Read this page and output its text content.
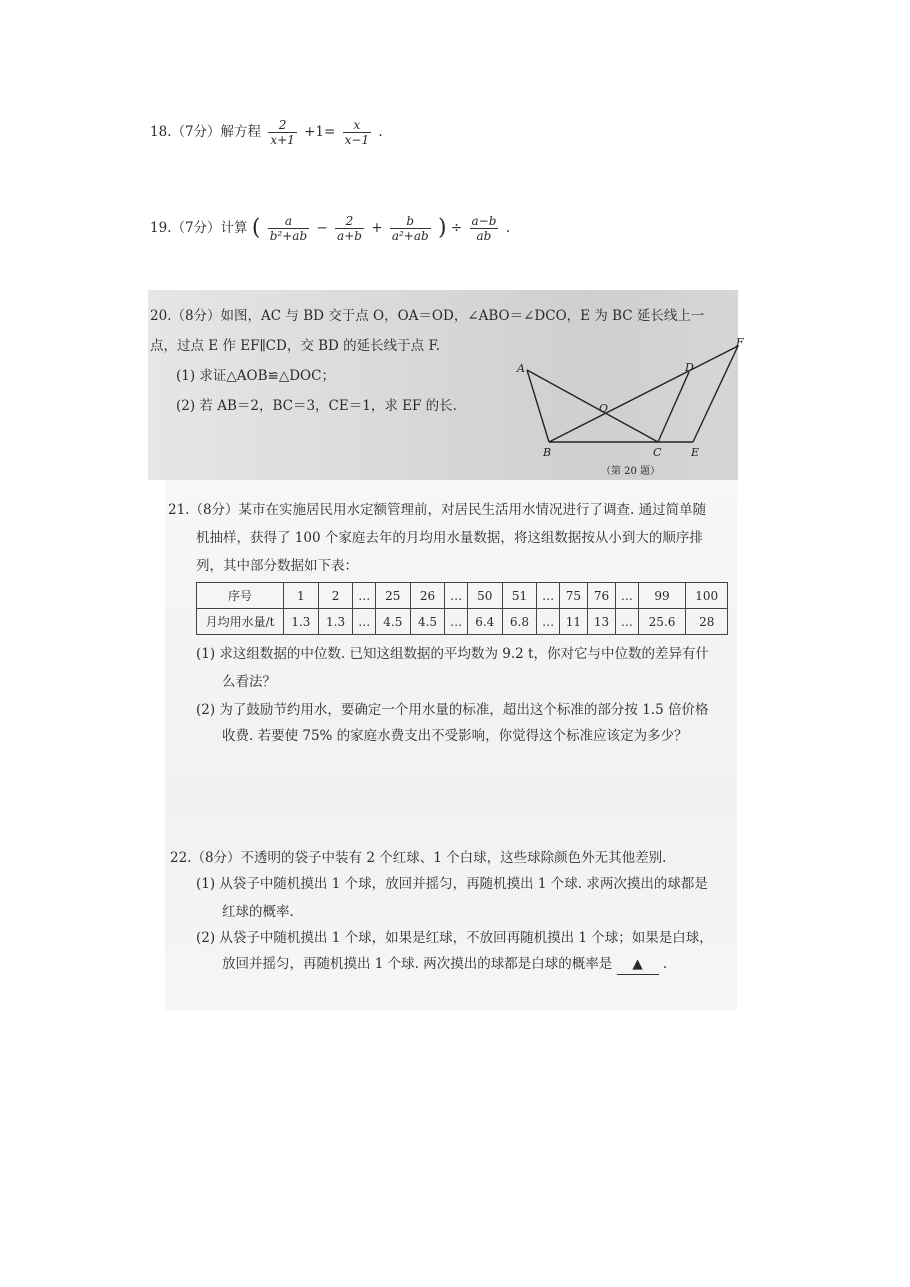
18.（7分）解方程 $\frac{2}{x+1} +1= \frac{x}{x-1}$ .
19.（7分）计算 ( $\frac{a}{\text{b²+ab}} - \frac{2}{a+b} + \frac{b}{\text{a²+ab}}$ ) ÷ $\frac{a-b}{ab}$ .
20.（8分）如图，AC 与 BD 交于点 O，OA＝OD，∠ABO＝∠DCO，E 为 BC 延长线上一
点，过点 E 作 EF∥CD，交 BD 的延长线于点 F.
(1) 求证△AOB≌△DOC；
(2) 若 AB＝2，BC＝3，CE＝1，求 EF 的长.
A
B	C
D
E
F
O
（第 20 题）
21.（8分）某市在实施居民用水定额管理前，对居民生活用水情况进行了调查. 通过简单随
机抽样，获得了 100 个家庭去年的月均用水量数据，将这组数据按从小到大的顺序排
列，其中部分数据如下表：
序号	1	2	…	25	26	…	50	51	…	75	76	…	99	100
月均用水量/t	1.3	1.3	…	4.5	4.5	…	6.4	6.8	…	11	13	…	25.6	28
(1) 求这组数据的中位数. 已知这组数据的平均数为 9.2 t，你对它与中位数的差异有什
么看法？
(2) 为了鼓励节约用水，要确定一个用水量的标准，超出这个标准的部分按 1.5 倍价格
收费. 若要使 75% 的家庭水费支出不受影响，你觉得这个标准应该定为多少？
22.（8分）不透明的袋子中装有 2 个红球、1 个白球，这些球除颜色外无其他差别.
(1) 从袋子中随机摸出 1 个球，放回并摇匀，再随机摸出 1 个球. 求两次摸出的球都是
红球的概率.
(2) 从袋子中随机摸出 1 个球，如果是红球，不放回再随机摸出 1 个球；如果是白球，
放回并摇匀，再随机摸出 1 个球. 两次摸出的球都是白球的概率是 ▲ .
